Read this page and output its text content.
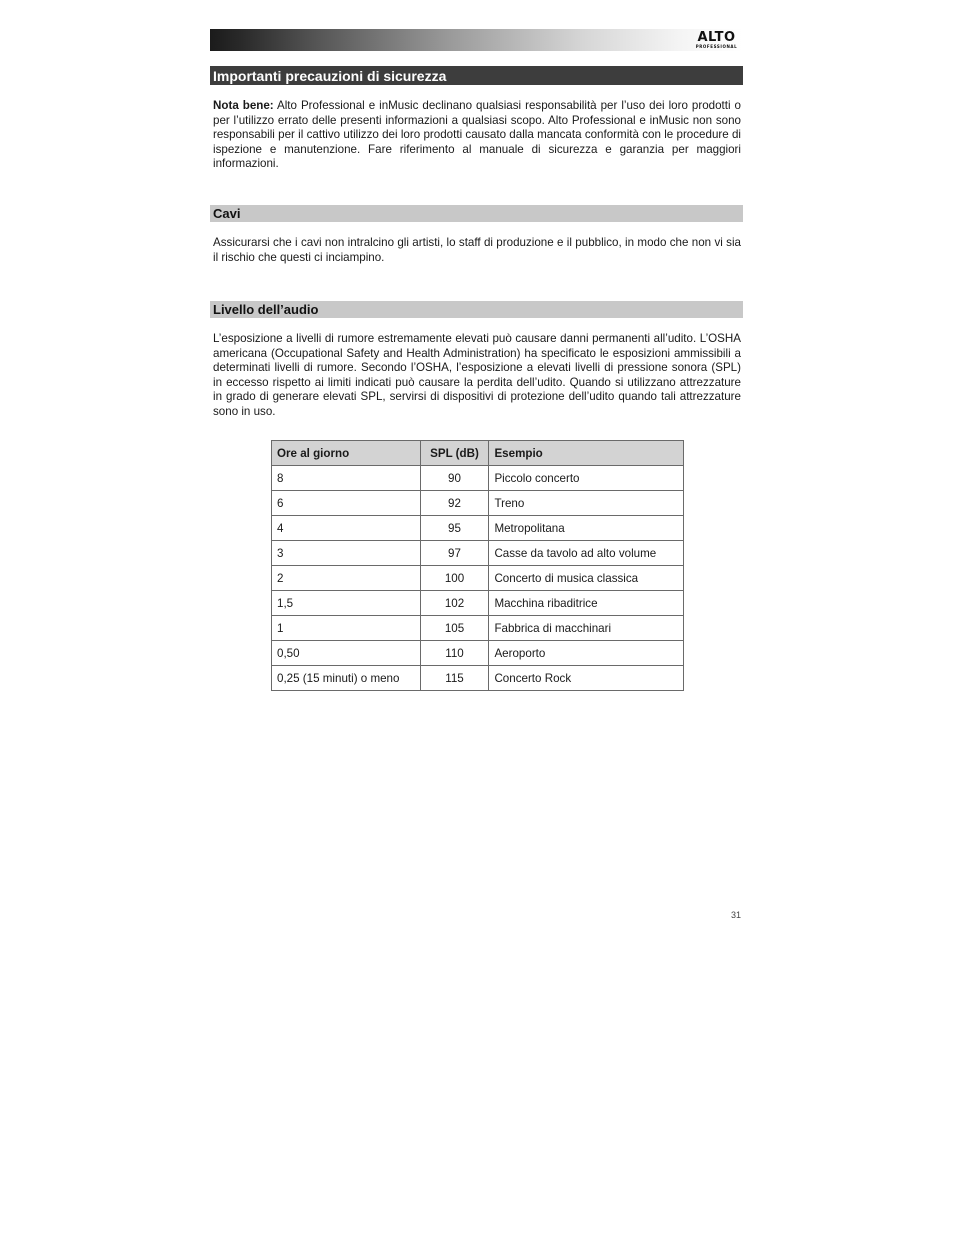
ALTO
PROFESSIONAL
Importanti precauzioni di sicurezza
Nota bene: Alto Professional e inMusic declinano qualsiasi responsabilità per l’uso dei loro prodotti o per l’utilizzo errato delle presenti informazioni a qualsiasi scopo. Alto Professional e inMusic non sono responsabili per il cattivo utilizzo dei loro prodotti causato dalla mancata conformità con le procedure di ispezione e manutenzione. Fare riferimento al manuale di sicurezza e garanzia per maggiori informazioni.
Cavi
Assicurarsi che i cavi non intralcino gli artisti, lo staff di produzione e il pubblico, in modo che non vi sia il rischio che questi ci inciampino.
Livello dell’audio
L’esposizione a livelli di rumore estremamente elevati può causare danni permanenti all’udito. L’OSHA americana (Occupational Safety and Health Administration) ha specificato le esposizioni ammissibili a determinati livelli di rumore. Secondo l’OSHA, l’esposizione a elevati livelli di pressione sonora (SPL) in eccesso rispetto ai limiti indicati può causare la perdita dell’udito. Quando si utilizzano attrezzature in grado di generare elevati SPL, servirsi di dispositivi di protezione dell’udito quando tali attrezzature sono in uso.
Ore al giorno	SPL (dB)	Esempio
8	90	Piccolo concerto
6	92	Treno
4	95	Metropolitana
3	97	Casse da tavolo ad alto volume
2	100	Concerto di musica classica
1,5	102	Macchina ribaditrice
1	105	Fabbrica di macchinari
0,50	110	Aeroporto
0,25 (15 minuti) o meno	115	Concerto Rock
31
